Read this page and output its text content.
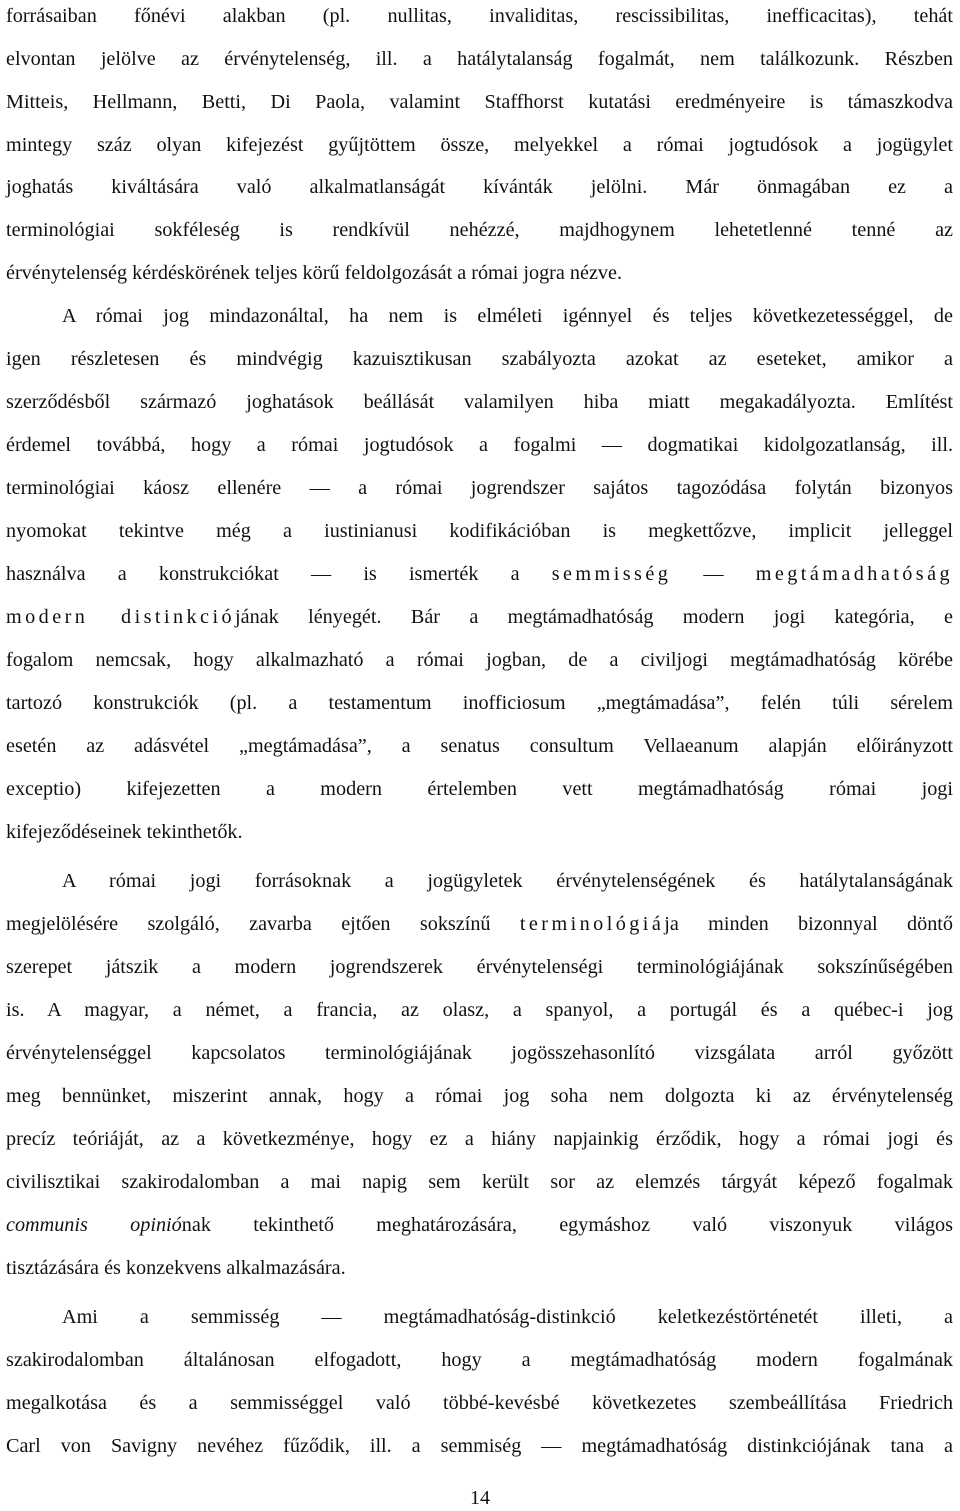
forrásaiban főnévi alakban (pl. nullitas, invaliditas, rescissibilitas, inefficacitas), tehát
elvontan jelölve az érvénytelenség, ill. a hatálytalanság fogalmát, nem találkozunk. Részben
Mitteis, Hellmann, Betti, Di Paola, valamint Staffhorst kutatási eredményeire is támaszkodva
mintegy száz olyan kifejezést gyűjtöttem össze, melyekkel a római jogtudósok a jogügylet
joghatás kiváltására való alkalmatlanságát kívánták jelölni. Már önmagában ez a
terminológiai sokféleség is rendkívül nehézzé, majdhogynem lehetetlenné tenné az
érvénytelenség kérdéskörének teljes körű feldolgozását a római jogra nézve.
A római jog mindazonáltal, ha nem is elméleti igénnyel és teljes következetességgel, de
igen részletesen és mindvégig kazuisztikusan szabályozta azokat az eseteket, amikor a
szerződésből származó joghatások beállását valamilyen hiba miatt megakadályozta. Említést
érdemel továbbá, hogy a római jogtudósok a fogalmi — dogmatikai kidolgozatlanság, ill.
terminológiai káosz ellenére — a római jogrendszer sajátos tagozódása folytán bizonyos
nyomokat tekintve még a iustinianusi kodifikációban is megkettőzve, implicit jelleggel
használva a konstrukciókat — is ismerték a semmisség — megtámadhatóság
modern distinkciójának lényegét. Bár a megtámadhatóság modern jogi kategória, e
fogalom nemcsak, hogy alkalmazható a római jogban, de a civiljogi megtámadhatóság körébe
tartozó konstrukciók (pl. a testamentum inofficiosum „megtámadása”, felén túli sérelem
esetén az adásvétel „megtámadása”, a senatus consultum Vellaeanum alapján előirányzott
exceptio) kifejezetten a modern értelemben vett megtámadhatóság római jogi
kifejeződéseinek tekinthetők.
A római jogi forrásoknak a jogügyletek érvénytelenségének és hatálytalanságának
megjelölésére szolgáló, zavarba ejtően sokszínű terminológiája minden bizonnyal döntő
szerepet játszik a modern jogrendszerek érvénytelenségi terminológiájának sokszínűségében
is. A magyar, a német, a francia, az olasz, a spanyol, a portugál és a québec-i jog
érvénytelenséggel kapcsolatos terminológiájának jogösszehasonlító vizsgálata arról győzött
meg bennünket, miszerint annak, hogy a római jog soha nem dolgozta ki az érvénytelenség
precíz teóriáját, az a következménye, hogy ez a hiány napjainkig érződik, hogy a római jogi és
civilisztikai szakirodalomban a mai napig sem került sor az elemzés tárgyát képező fogalmak
communis opiniónak tekinthető meghatározására, egymáshoz való viszonyuk világos
tisztázására és konzekvens alkalmazására.
Ami a semmisség — megtámadhatóság-distinkció keletkezéstörténetét illeti, a
szakirodalomban általánosan elfogadott, hogy a megtámadhatóság modern fogalmának
megalkotása és a semmisséggel való többé-kevésbé következetes szembeállítása Friedrich
Carl von Savigny nevéhez fűződik, ill. a semmiség — megtámadhatóság distinkciójának tana a
14
